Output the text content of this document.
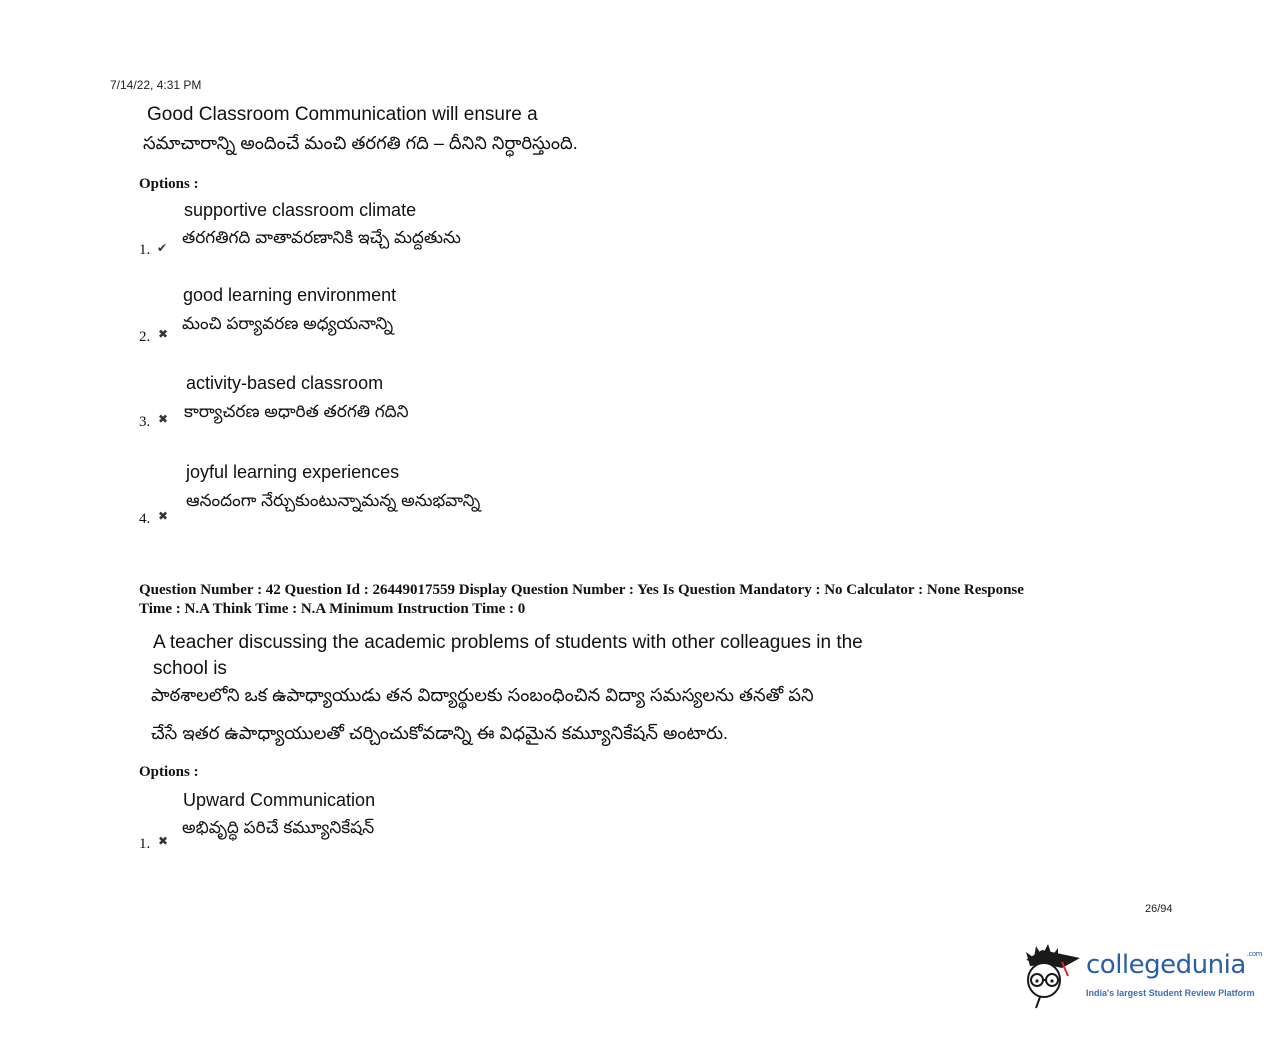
7/14/22, 4:31 PM
Good Classroom Communication will ensure a
సమాచారాన్ని అందించే మంచి తరగతి గది – దీనిని నిర్ధారిస్తుంది.
Options :
supportive classroom climate
తరగతిగది వాతావరణానికి ఇచ్చే మద్దతును
1. ✔
good learning environment
మంచి పర్యావరణ అధ్యయనాన్ని
2. ✖
activity-based classroom
కార్యాచరణ అధారిత తరగతి గదిని
3. ✖
joyful learning experiences
ఆనందంగా నేర్చుకుంటున్నామన్న అనుభవాన్ని
4. ✖
Question Number : 42 Question Id : 26449017559 Display Question Number : Yes Is Question Mandatory : No Calculator : None Response
Time : N.A Think Time : N.A Minimum Instruction Time : 0
A teacher discussing the academic problems of students with other colleagues in the
school is
పాఠశాలలోని ఒక ఉపాధ్యాయుడు తన విద్యార్థులకు సంబంధించిన విద్యా సమస్యలను తనతో పని
చేసే ఇతర ఉపాధ్యాయులతో చర్చించుకోవడాన్ని ఈ విధమైన కమ్యూనికేషన్ అంటారు.
Options :
Upward Communication
అభివృద్ధి పరిచే కమ్యూనికేషన్
1. ✖
26/94
collegedunia$^{.com}$
India's largest Student Review Platform
